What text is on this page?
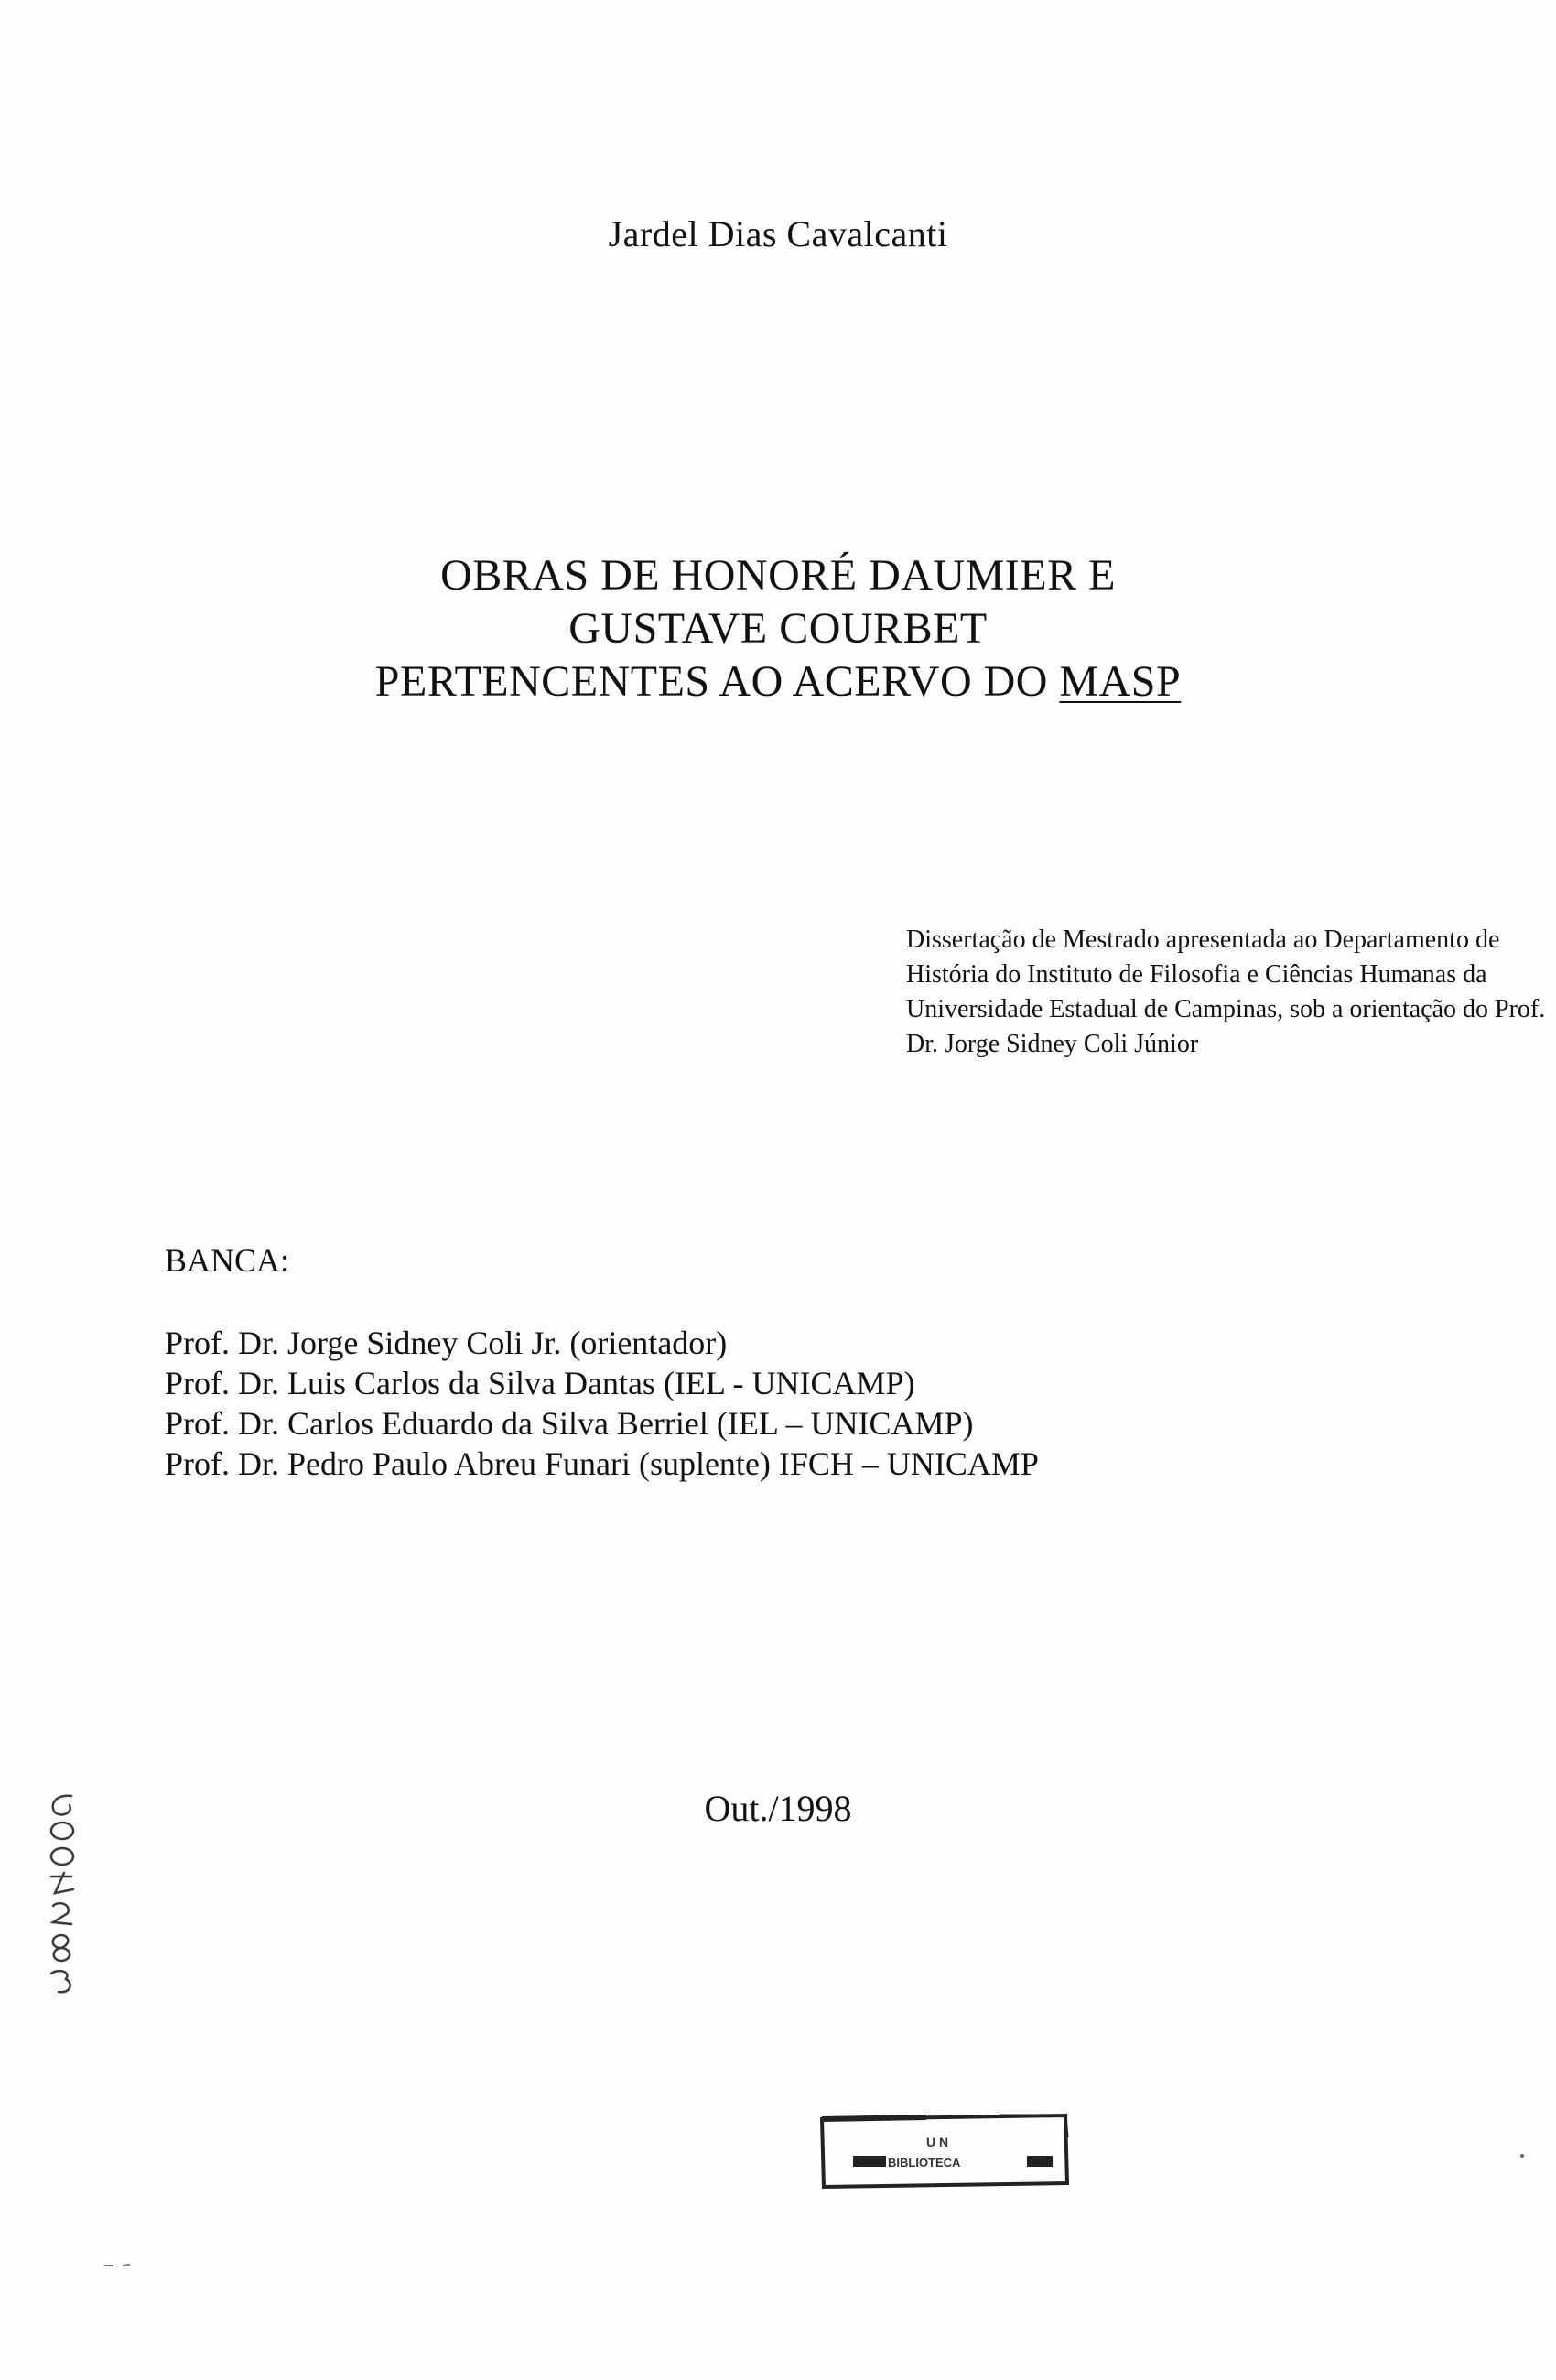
Jardel Dias Cavalcanti
OBRAS DE HONORÉ DAUMIER E
GUSTAVE COURBET
PERTENCENTES AO ACERVO DO MASP
Dissertação de Mestrado apresentada ao Departamento de
História do Instituto de Filosofia e Ciências Humanas da
Universidade Estadual de Campinas, sob a orientação do Prof.
Dr. Jorge Sidney Coli Júnior
BANCA:
Prof. Dr. Jorge Sidney Coli Jr. (orientador)
Prof. Dr. Luis Carlos da Silva Dantas (IEL - UNICAMP)
Prof. Dr. Carlos Eduardo da Silva Berriel (IEL – UNICAMP)
Prof. Dr. Pedro Paulo Abreu Funari (suplente) IFCH – UNICAMP
Out./1998
U N
BIBLIOTECA
